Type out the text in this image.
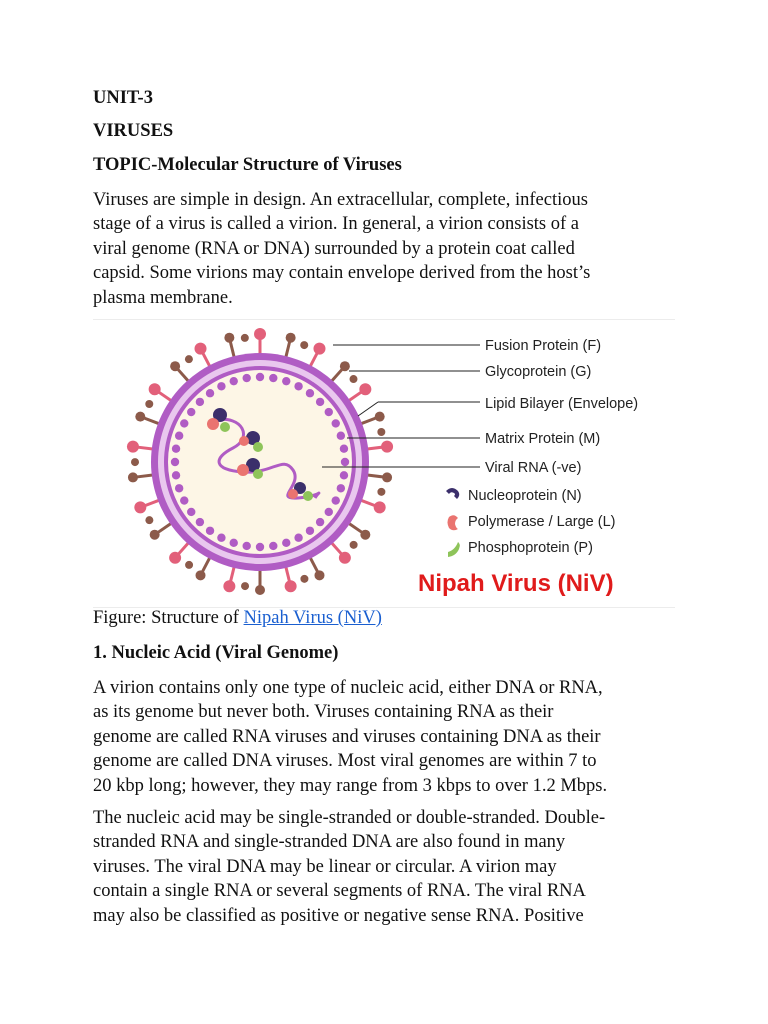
UNIT-3
VIRUSES
TOPIC-Molecular Structure of Viruses
Viruses are simple in design. An extracellular, complete, infectious
stage of a virus is called a virion. In general, a virion consists of a
viral genome (RNA or DNA) surrounded by a protein coat called
capsid. Some virions may contain envelope derived from the host’s
plasma membrane.
Fusion Protein (F)
Glycoprotein (G)
Lipid Bilayer (Envelope)
Matrix Protein (M)
Viral RNA (-ve)
Nucleoprotein (N)
Polymerase / Large (L)
Phosphoprotein (P)
Nipah Virus (NiV)
Figure: Structure of Nipah Virus (NiV)
1. Nucleic Acid (Viral Genome)
A virion contains only one type of nucleic acid, either DNA or RNA,
as its genome but never both. Viruses containing RNA as their
genome are called RNA viruses and viruses containing DNA as their
genome are called DNA viruses. Most viral genomes are within 7 to
20 kbp long; however, they may range from 3 kbps to over 1.2 Mbps.
The nucleic acid may be single-stranded or double-stranded. Double-
stranded RNA and single-stranded DNA are also found in many
viruses. The viral DNA may be linear or circular. A virion may
contain a single RNA or several segments of RNA. The viral RNA
may also be classified as positive or negative sense RNA. Positive
